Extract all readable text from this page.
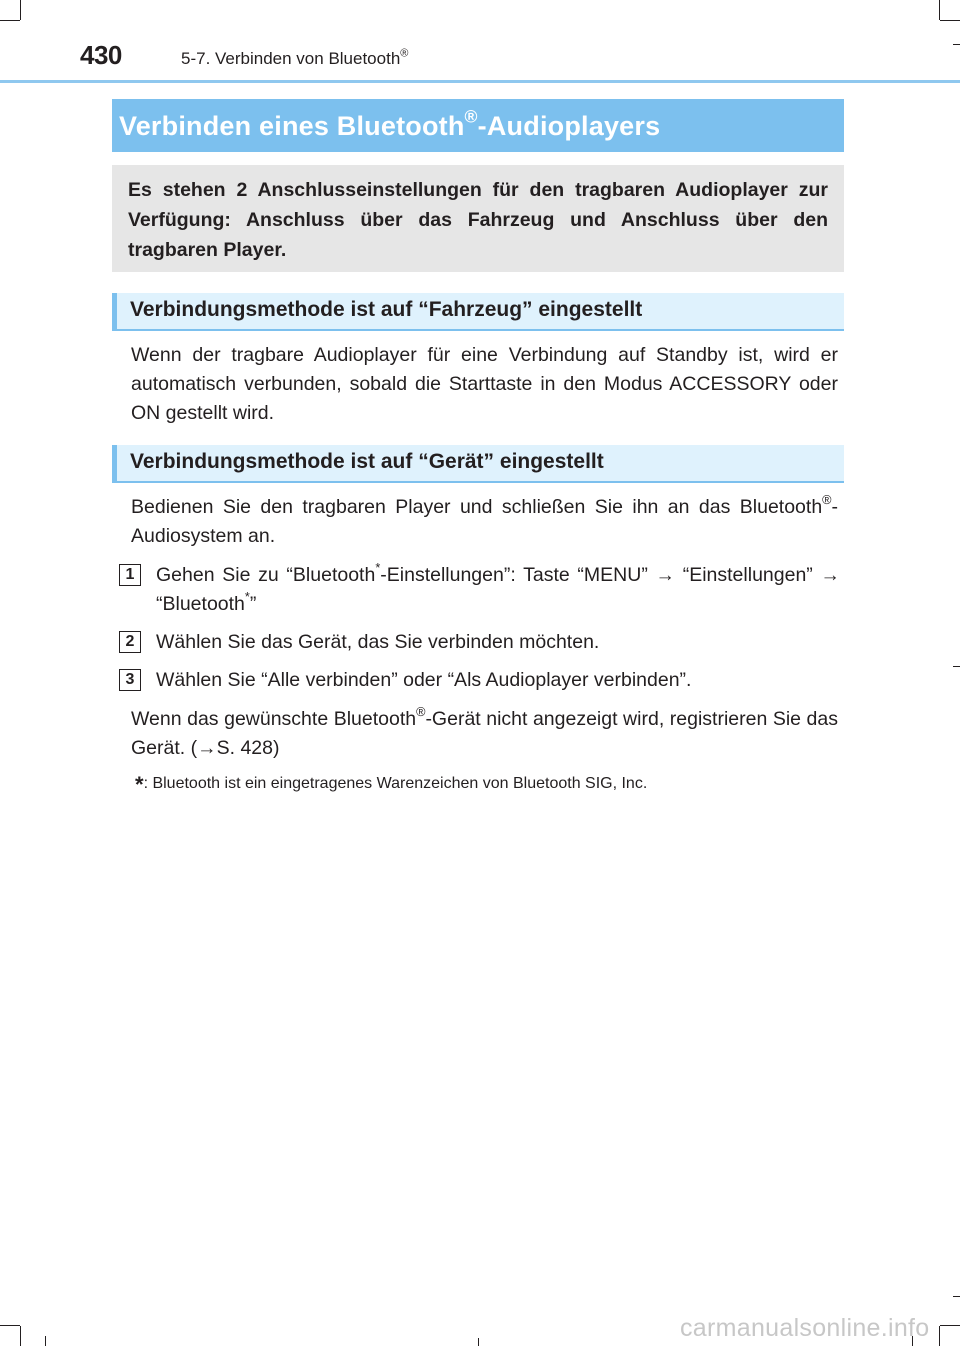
430	5-7. Verbinden von Bluetooth®
Verbinden eines Bluetooth®-Audioplayers
Es stehen 2 Anschlusseinstellungen für den tragbaren Audioplayer zur Verfügung: Anschluss über das Fahrzeug und Anschluss über den tragbaren Player.
Verbindungsmethode ist auf “Fahrzeug” eingestellt
Wenn der tragbare Audioplayer für eine Verbindung auf Standby ist, wird er automatisch verbunden, sobald die Starttaste in den Modus ACCESSORY oder ON gestellt wird.
Verbindungsmethode ist auf “Gerät” eingestellt
Bedienen Sie den tragbaren Player und schließen Sie ihn an das Bluetooth®-Audiosystem an.
1	Gehen Sie zu “Bluetooth*-Einstellungen”: Taste “MENU” → “Einstellungen” → “Bluetooth*”
2	Wählen Sie das Gerät, das Sie verbinden möchten.
3	Wählen Sie “Alle verbinden” oder “Als Audioplayer verbinden”.
Wenn das gewünschte Bluetooth®-Gerät nicht angezeigt wird, registrieren Sie das Gerät. (→S. 428)
*: Bluetooth ist ein eingetragenes Warenzeichen von Bluetooth SIG, Inc.
carmanualsonline.info
